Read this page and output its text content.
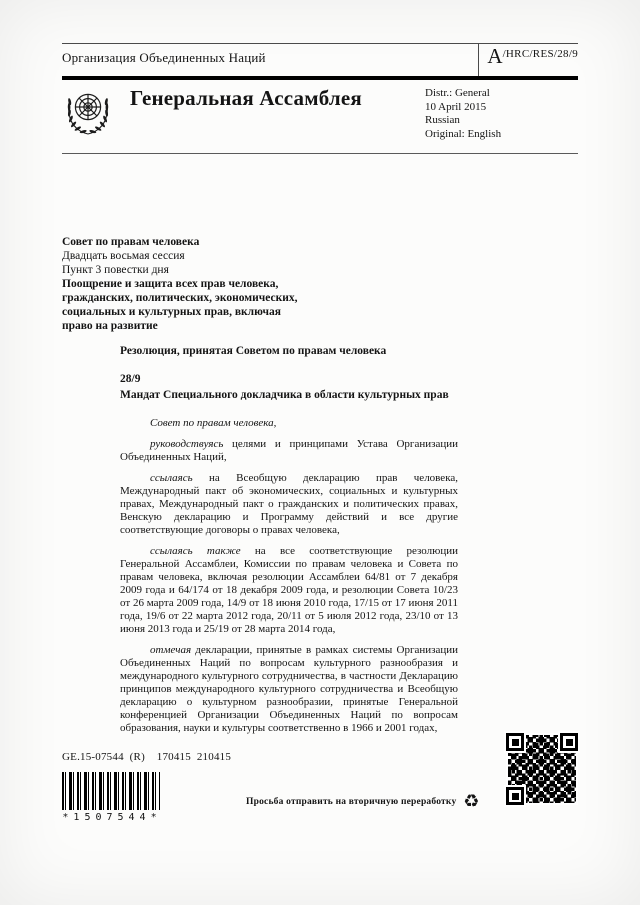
Организация Объединенных Наций	A /HRC/RES/28/9
Генеральная Ассамблея	Distr.: General
10 April 2015
Russian
Original: English
Совет по правам человека
Двадцать восьмая сессия
Пункт 3 повестки дня
Поощрение и защита всех прав человека, гражданских, политических, экономических, социальных и культурных прав, включая право на развитие
Резолюция, принятая Советом по правам человека
28/9
Мандат Специального докладчика в области культурных прав

Совет по правам человека,

руководствуясь целями и принципами Устава Организации Объединенных Наций,

ссылаясь на Всеобщую декларацию прав человека, Международный пакт об экономических, социальных и культурных правах, Международный пакт о гражданских и политических правах, Венскую декларацию и Программу действий и все другие соответствующие договоры о правах человека,

ссылаясь также на все соответствующие резолюции Генеральной Ассамблеи, Комиссии по правам человека и Совета по правам человека, включая резолюции Ассамблеи 64/81 от 7 декабря 2009 года и 64/174 от 18 декабря 2009 года, и резолюции Совета 10/23 от 26 марта 2009 года, 14/9 от 18 июня 2010 года, 17/15 от 17 июня 2011 года, 19/6 от 22 марта 2012 года, 20/11 от 5 июля 2012 года, 23/10 от 13 июня 2013 года и 25/19 от 28 марта 2014 года,

отмечая декларации, принятые в рамках системы Организации Объединенных Наций по вопросам культурного разнообразия и международного культурного сотрудничества, в частности Декларацию принципов международного культурного сотрудничества и Всеобщую декларацию о культурном разнообразии, принятые Генеральной конференцией Организации Объединенных Наций по вопросам образования, науки и культуры соответственно в 1966 и 2001 годах,

GE.15-07544  (R)    170415  210415
*1507544*
Просьба отправить на вторичную переработку ♻
